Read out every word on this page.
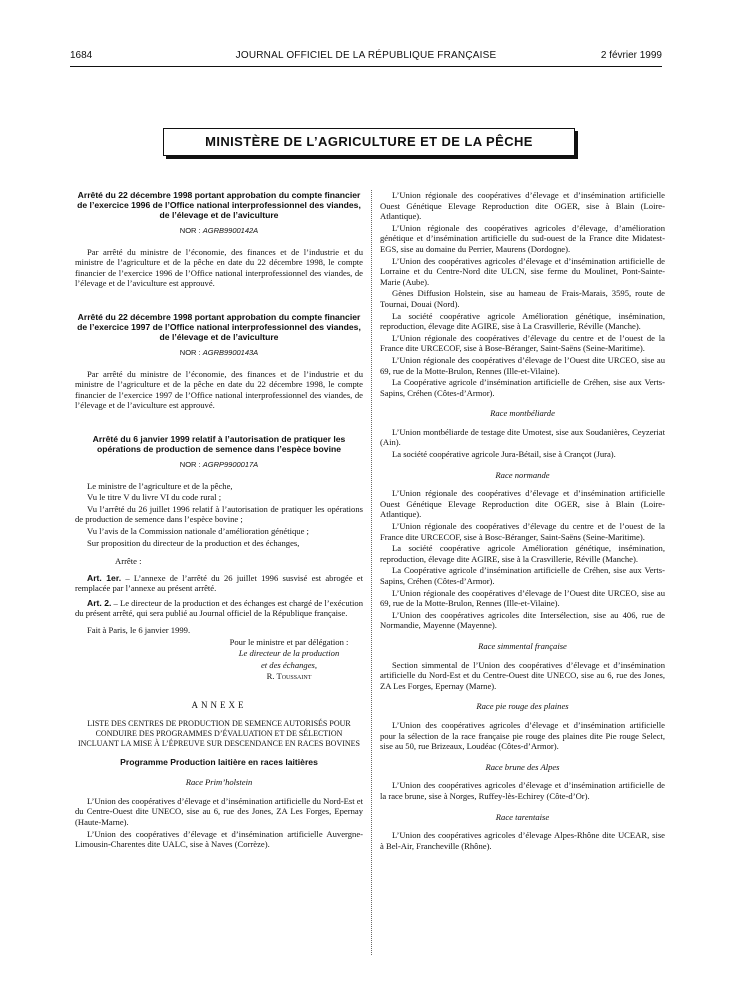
1684	JOURNAL OFFICIEL DE LA RÉPUBLIQUE FRANÇAISE	2 février 1999
MINISTÈRE DE L’AGRICULTURE ET DE LA PÊCHE
Arrêté du 22 décembre 1998 portant approbation du compte financier de l’exercice 1996 de l’Office national interprofessionnel des viandes, de l’élevage et de l’aviculture
NOR : AGRB9900142A

Par arrêté du ministre de l’économie, des finances et de l’industrie et du ministre de l’agriculture et de la pêche en date du 22 décembre 1998, le compte financier de l’exercice 1996 de l’Office national interprofessionnel des viandes, de l’élevage et de l’aviculture est approuvé.

Arrêté du 22 décembre 1998 portant approbation du compte financier de l’exercice 1997 de l’Office national interprofessionnel des viandes, de l’élevage et de l’aviculture
NOR : AGRB9900143A

Par arrêté du ministre de l’économie, des finances et de l’industrie et du ministre de l’agriculture et de la pêche en date du 22 décembre 1998, le compte financier de l’exercice 1997 de l’Office national interprofessionnel des viandes, de l’élevage et de l’aviculture est approuvé.

Arrêté du 6 janvier 1999 relatif à l’autorisation de pratiquer les opérations de production de semence dans l’espèce bovine
NOR : AGRP9900017A

Le ministre de l’agriculture et de la pêche,

Vu le titre V du livre VI du code rural ;

Vu l’arrêté du 26 juillet 1996 relatif à l’autorisation de pratiquer les opérations de production de semence dans l’espèce bovine ;

Vu l’avis de la Commission nationale d’amélioration génétique ;

Sur proposition du directeur de la production et des échanges,

Arrête :

Art. 1er. – L’annexe de l’arrêté du 26 juillet 1996 susvisé est abrogée et remplacée par l’annexe au présent arrêté.

Art. 2. – Le directeur de la production et des échanges est chargé de l’exécution du présent arrêté, qui sera publié au Journal officiel de la République française.

Fait à Paris, le 6 janvier 1999.

Pour le ministre et par délégation :

Le directeur de la production

et des échanges,

R. Toussaint

ANNEXE
LISTE DES CENTRES DE PRODUCTION DE SEMENCE AUTORISÉS POUR CONDUIRE DES PROGRAMMES D’ÉVALUATION ET DE SÉLECTION INCLUANT LA MISE À L’ÉPREUVE SUR DESCENDANCE EN RACES BOVINES
Programme Production laitière en races laitières

Race Prim’holstein

L’Union des coopératives d’élevage et d’insémination artificielle du Nord-Est et du Centre-Ouest dite UNECO, sise au 6, rue des Jones, ZA Les Forges, Epernay (Haute-Marne).

L’Union des coopératives d’élevage et d’insémination artificielle Auvergne-Limousin-Charentes dite UALC, sise à Naves (Corrèze).

L’Union régionale des coopératives d’élevage et d’insémination artificielle Ouest Génétique Elevage Reproduction dite OGER, sise à Blain (Loire-Atlantique).

L’Union régionale des coopératives agricoles d’élevage, d’amélioration génétique et d’insémination artificielle du sud-ouest de la France dite Midatest-EGS, sise au domaine du Perrier, Maurens (Dordogne).

L’Union des coopératives agricoles d’élevage et d’insémination artificielle de Lorraine et du Centre-Nord dite ULCN, sise ferme du Moulinet, Pont-Sainte-Marie (Aube).

Gènes Diffusion Holstein, sise au hameau de Frais-Marais, 3595, route de Tournai, Douai (Nord).

La société coopérative agricole Amélioration génétique, insémination, reproduction, élevage dite AGIRE, sise à La Crasvillerie, Réville (Manche).

L’Union régionale des coopératives d’élevage du centre et de l’ouest de la France dite URCECOF, sise à Bose-Béranger, Saint-Saëns (Seine-Maritime).

L’Union régionale des coopératives d’élevage de l’Ouest dite URCEO, sise au 69, rue de la Motte-Brulon, Rennes (Ille-et-Vilaine).

La Coopérative agricole d’insémination artificielle de Créhen, sise aux Verts-Sapins, Créhen (Côtes-d’Armor).

Race montbéliarde

L’Union montbéliarde de testage dite Umotest, sise aux Soudanières, Ceyzeriat (Ain).

La société coopérative agricole Jura-Bétail, sise à Crançot (Jura).

Race normande

L’Union régionale des coopératives d’élevage et d’insémination artificielle Ouest Génétique Elevage Reproduction dite OGER, sise à Blain (Loire-Atlantique).

L’Union régionale des coopératives d’élevage du centre et de l’ouest de la France dite URCECOF, sise à Bosc-Béranger, Saint-Saëns (Seine-Maritime).

La société coopérative agricole Amélioration génétique, insémination, reproduction, élevage dite AGIRE, sise à la Crasvillerie, Réville (Manche).

La Coopérative agricole d’insémination artificielle de Créhen, sise aux Verts-Sapins, Créhen (Côtes-d’Armor).

L’Union régionale des coopératives d’élevage de l’Ouest dite URCEO, sise au 69, rue de la Motte-Brulon, Rennes (Ille-et-Vilaine).

L’Union des coopératives agricoles dite Intersélection, sise au 406, rue de Normandie, Mayenne (Mayenne).

Race simmental française

Section simmental de l’Union des coopératives d’élevage et d’insémination artificielle du Nord-Est et du Centre-Ouest dite UNECO, sise au 6, rue des Jones, ZA Les Forges, Epernay (Marne).

Race pie rouge des plaines

L’Union des coopératives agricoles d’élevage et d’insémination artificielle pour la sélection de la race française pie rouge des plaines dite Pie rouge Select, sise au 50, rue Brizeaux, Loudéac (Côtes-d’Armor).

Race brune des Alpes

L’Union des coopératives agricoles d’élevage et d’insémination artificielle de la race brune, sise à Norges, Ruffey-lès-Echirey (Côte-d’Or).

Race tarentaise

L’Union des coopératives agricoles d’élevage Alpes-Rhône dite UCEAR, sise à Bel-Air, Francheville (Rhône).
